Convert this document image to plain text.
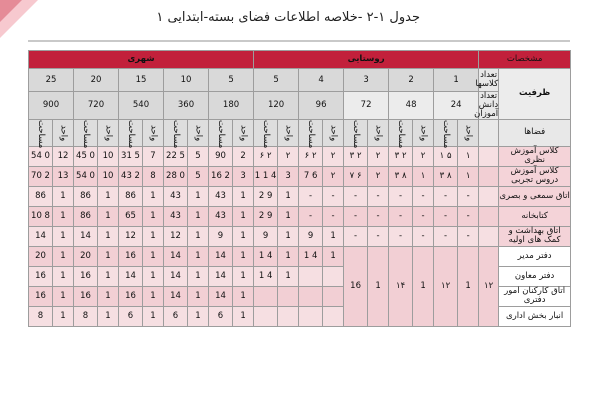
جدول ۱-۲ -خلاصه اطلاعات فضای بسته-ابتدایی ۱
شهری										روستایی										مشخصات	
25		20		15		10		5		5		4		3		2		1		تعداد کلاسها	ظرفیت
900		720		540		360		180		120		96		72		48		24		تعداد دانش آموزان	
مساحت	واحد	مساحت	واحد	مساحت	واحد	مساحت	واحد	مساحت	واحد	مساحت	واحد	مساحت	واحد	مساحت	واحد	مساحت	واحد	مساحت	واحد		فضاها
54 0	12	45 0	10	31 5	7	22 5	5	90	2	۶ ۲	۲	۶ ۲	۲	۳ ۲	۲	۳ ۲	۲	۱ ۵	۱		کلاس آموزش نظری
70 2	13	54 0	10	43 2	8	28 0	5	16 2	3	1 1 4	3	7 6	۲	۷ ۶	۲	۳ ۸	۱	۳ ۸	۱		کلاس آموزش دروس تجربی
86	1	86	1	86	1	43	1	43	1	2 9	1	-	-	-	-	-	-	-	-		اتاق سمعی و بصری
10 8	1	86	1	65	1	43	1	43	1	2 9	1	-	-	-	-	-	-	-	-		کتابخانه
14	1	14	1	12	1	12	1	9	1	9	1	9	1	-	-	-	-	-	-		اتاق بهداشت و کمک های اولیه
20	1	20	1	16	1	14	1	14	1	1 4	1	1 4	1	16	1	۱۴	1	۱۲	1	۱۲	دفتر مدیر
16	1	16	1	14	1	14	1	14	1	1 4	1										دفتر معاون
16	1	16	1	16	1	14	1	14	1												اتاق کارکنان امور دفتری
8	1	8	1	6	1	6	1	6	1												انبار بخش اداری
